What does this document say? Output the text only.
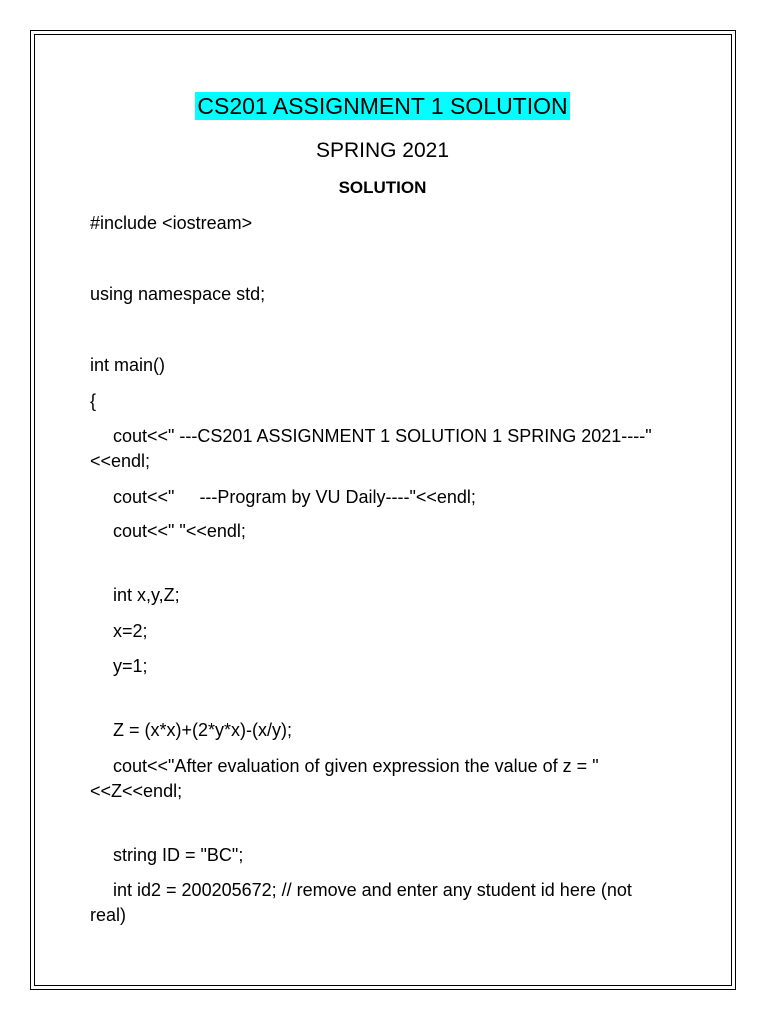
CS201 ASSIGNMENT 1 SOLUTION
SPRING 2021
SOLUTION
#include <iostream>
using namespace std;
int main()
{
cout<<" ---CS201 ASSIGNMENT 1 SOLUTION 1 SPRING 2021----"<<endl;
cout<<"     ---Program by VU Daily----"<<endl;
cout<<" "<<endl;
int x,y,Z;
x=2;
y=1;
Z = (x*x)+(2*y*x)-(x/y);
cout<<"After evaluation of given expression the value of z = "<<Z<<endl;
string ID = "BC";
int id2 = 200205672; // remove and enter any student id here (not real)
